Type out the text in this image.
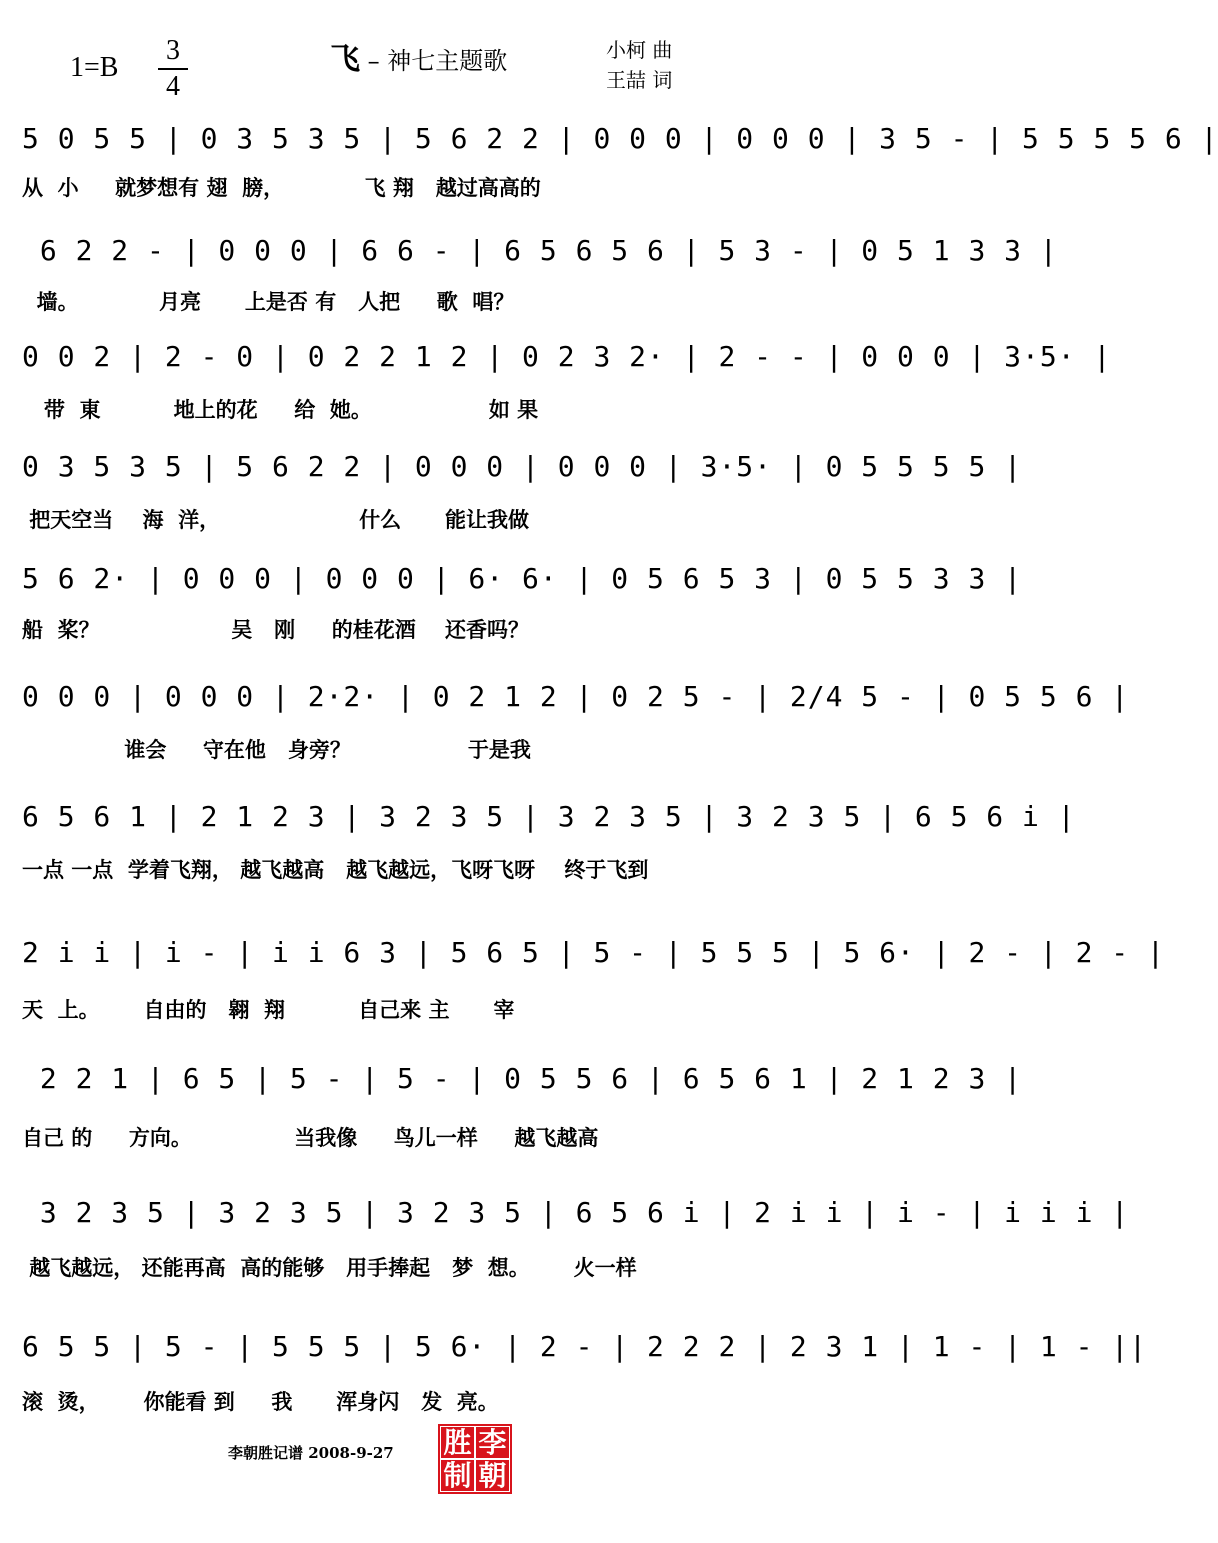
1=B
3
4
飞 – 神七主题歌	小柯 曲
王喆 词
5 0 5 5 | 0 3 5 3 5 | 5 6 2 2 | 0 0 0 | 0 0 0 | 3 5 - | 5 5 5 5 6 |
从  小     就梦想有 翅  膀，           飞 翔   越过高高的
6 2 2 - | 0 0 0 | 6 6 - | 6 5 6 5 6 | 5 3 - | 0 5 1 3 3 |
墙。           月亮      上是否 有   人把     歌  唱？
0 0 2 | 2 - 0 | 0 2 2 1 2 | 0 2 3 2· | 2 - - | 0 0 0 | 3·5· |
带  東          地上的花     给  她。                如 果
0 3 5 3 5 | 5 6 2 2 | 0 0 0 | 0 0 0 | 3·5· | 0 5 5 5 5 |
把天空当    海  洋，                   什么      能让我做
5 6 2· | 0 0 0 | 0 0 0 | 6· 6· | 0 5 6 5 3 | 0 5 5 3 3 |
船  桨？                  吴   刚     的桂花酒    还香吗？
0 0 0 | 0 0 0 | 2·2· | 0 2 1 2 | 0 2 5 - | 2/4 5 - | 0 5 5 6 |
谁会     守在他   身旁？                于是我
6 5 6 1 | 2 1 2 3 | 3 2 3 5 | 3 2 3 5 | 3 2 3 5 | 6 5 6 i |
一点 一点  学着飞翔， 越飞越高   越飞越远，飞呀飞呀    终于飞到
2 i i | i - | i i 6 3 | 5 6 5 | 5 - | 5 5 5 | 5 6· | 2 - | 2 - |
天  上。      自由的   翱  翔          自己来 主      宰
2 2 1 | 6 5 | 5 - | 5 - | 0 5 5 6 | 6 5 6 1 | 2 1 2 3 |
自己 的     方向。              当我像     鸟儿一样     越飞越高
3 2 3 5 | 3 2 3 5 | 3 2 3 5 | 6 5 6 i | 2 i i | i - | i i i |
越飞越远， 还能再高  高的能够   用手捧起   梦  想。      火一样
6 5 5 | 5 - | 5 5 5 | 5 6· | 2 - | 2 2 2 | 2 3 1 | 1 - | 1 - ||
滚  烫，      你能看 到     我      浑身闪   发  亮。
李朝胜记谱 2008-9-27 胜 李
制 朝
